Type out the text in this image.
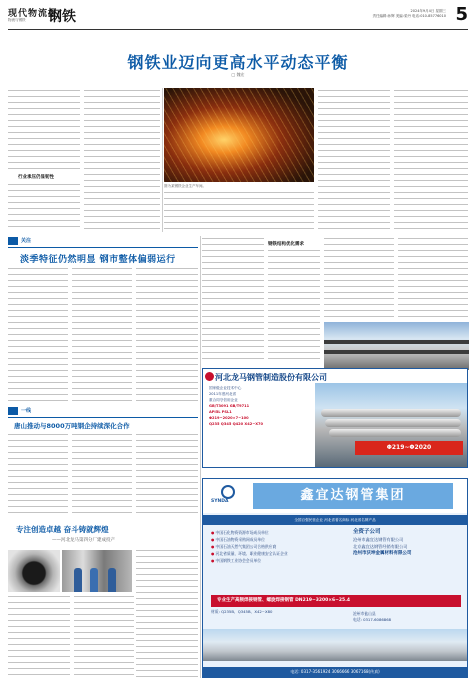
现代物流报
物流与钢铁 钢铁	2024年9月4日 星期三
责任编辑:孙辉 美编:梁丹 电话:010-85776010 5
钢铁业迈向更高水平动态平衡
□ 魏宏
行业承压仍显韧性
图为某钢铁企业生产车间。
关注
淡季特征仍然明显 钢市整体偏弱运行
钢铁结构优化需求
河北龙马钢管制造股份有限公司
国家级企业技术中心
2011年度河北省
重合同守信用企业
GB/T3091 GB/T9711
API5L PSL1
Φ219~2020×7~100
Q235 Q345 Q420 X42~X70
Φ219~Φ2020
一线
唐山推动与8000万吨钢企持续深化合作
专注创造卓越 奋斗铸就辉煌
——河北龙马第四分厂建成投产
SYNDA	鑫宜达钢管集团
全国百强民营企业 河北省著名商标 河北省名牌产品
● 中国石化物资资源市场成员单位
● 中国石油物资采购网成员单位
● 中国石油天然气集团公司合格供应商
● 河北省质量、环境、职业健康安全认证企业
● 中国钢铁工业协会会员单位
全资子公司
沧州市鑫宜达钢管有限公司
北京鑫宜达钢管经销有限公司
沧州市沃坤金属材料有限公司
专业生产高频焊接钢管、螺旋焊接钢管 DN219~3200×6~25.4
材质: Q235B、Q345B、X42~X80	沧州市盐山县
电话: 0317-6086868
电话: 0317-3561924 3066666 3067168(传真)
